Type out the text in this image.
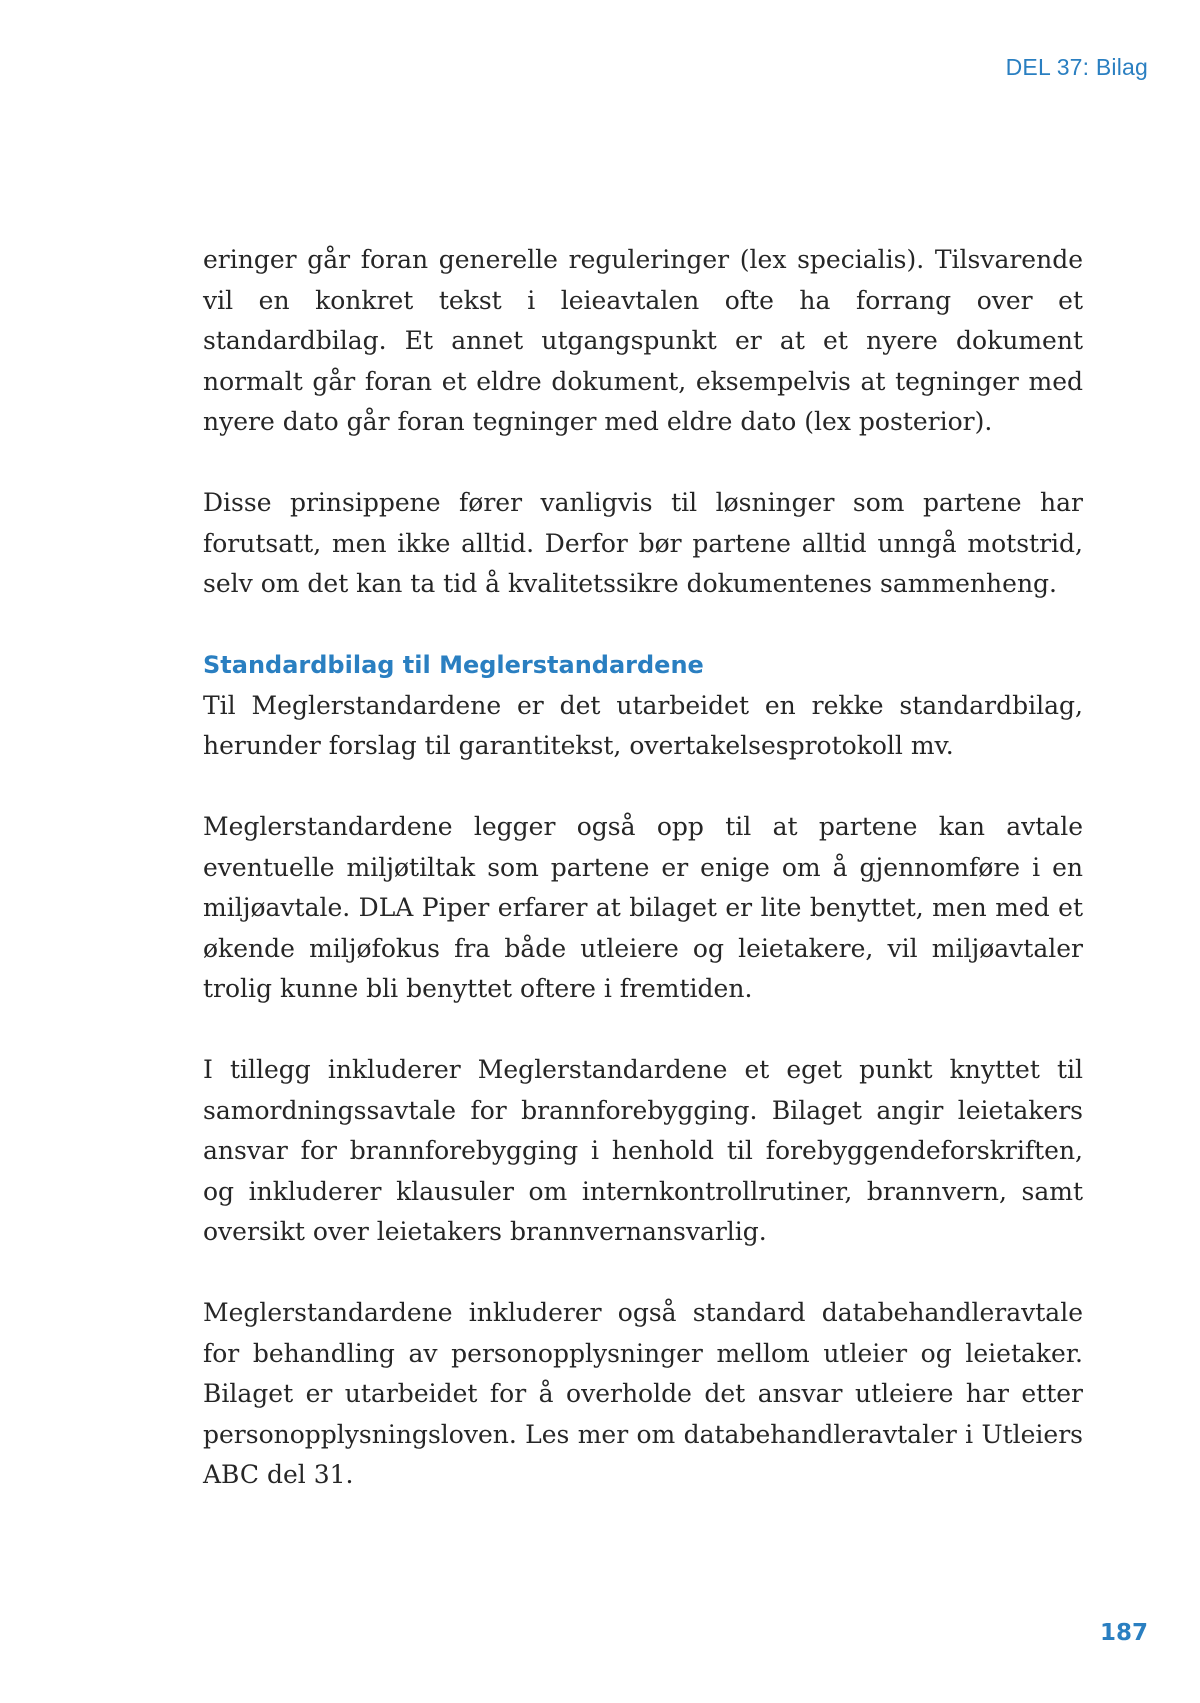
DEL 37: Bilag

eringer går foran generelle reguleringer (lex specialis). Tilsvarende vil en konkret tekst i leieavtalen ofte ha forrang over et standardbilag. Et annet utgangspunkt er at et nyere dokument normalt går foran et eldre dokument, eksempelvis at tegninger med nyere dato går foran tegninger med eldre dato (lex posterior).

Disse prinsippene fører vanligvis til løsninger som partene har forutsatt, men ikke alltid. Derfor bør partene alltid unngå motstrid, selv om det kan ta tid å kvalitetssikre dokumentenes sammenheng.

Standardbilag til Meglerstandardene

Til Meglerstandardene er det utarbeidet en rekke standardbilag, herunder forslag til garantitekst, overtakelsesprotokoll mv.

Meglerstandardene legger også opp til at partene kan avtale eventuelle miljøtiltak som partene er enige om å gjennomføre i en miljøavtale. DLA Piper erfarer at bilaget er lite benyttet, men med et økende miljøfokus fra både utleiere og leietakere, vil miljøavtaler trolig kunne bli benyttet oftere i fremtiden.

I tillegg inkluderer Meglerstandardene et eget punkt knyttet til samordningssavtale for brannforebygging. Bilaget angir leietakers ansvar for brannforebygging i henhold til forebyggendeforskriften, og inkluderer klausuler om internkontrollrutiner, brannvern, samt oversikt over leietakers brannvernansvarlig.

Meglerstandardene inkluderer også standard databehandleravtale for behandling av personopplysninger mellom utleier og leietaker. Bilaget er utarbeidet for å overholde det ansvar utleiere har etter personopplysningsloven. Les mer om databehandleravtaler i Utleiers ABC del 31.

187
